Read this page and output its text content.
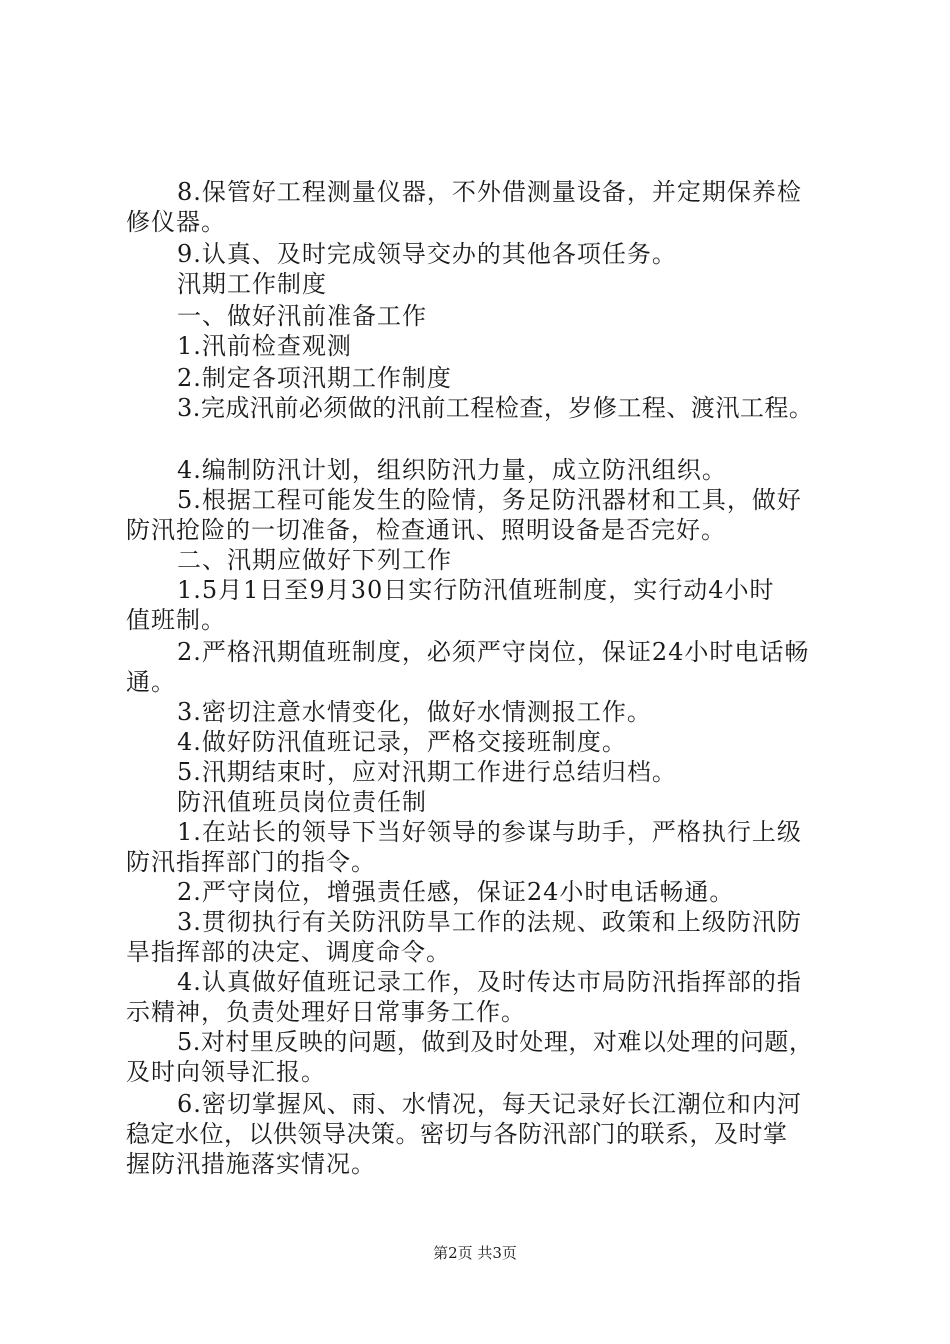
8.保管好工程测量仪器，不外借测量设备，并定期保养检
修仪器。
9.认真、及时完成领导交办的其他各项任务。
汛期工作制度
一、做好汛前准备工作
1.汛前检查观测
2.制定各项汛期工作制度
3.完成汛前必须做的汛前工程检查，岁修工程、渡汛工程。
4.编制防汛计划，组织防汛力量，成立防汛组织。
5.根据工程可能发生的险情，务足防汛器材和工具，做好
防汛抢险的一切准备，检查通讯、照明设备是否完好。
二、汛期应做好下列工作
1.5月1日至9月30日实行防汛值班制度，实行动4小时
值班制。
2.严格汛期值班制度，必须严守岗位，保证24小时电话畅
通。
3.密切注意水情变化，做好水情测报工作。
4.做好防汛值班记录，严格交接班制度。
5.汛期结束时，应对汛期工作进行总结归档。
防汛值班员岗位责任制
1.在站长的领导下当好领导的参谋与助手，严格执行上级
防汛指挥部门的指令。
2.严守岗位，增强责任感，保证24小时电话畅通。
3.贯彻执行有关防汛防旱工作的法规、政策和上级防汛防
旱指挥部的决定、调度命令。
4.认真做好值班记录工作，及时传达市局防汛指挥部的指
示精神，负责处理好日常事务工作。
5.对村里反映的问题，做到及时处理，对难以处理的问题，
及时向领导汇报。
6.密切掌握风、雨、水情况，每天记录好长江潮位和内河
稳定水位，以供领导决策。密切与各防汛部门的联系，及时掌
握防汛措施落实情况。
第2页 共3页
